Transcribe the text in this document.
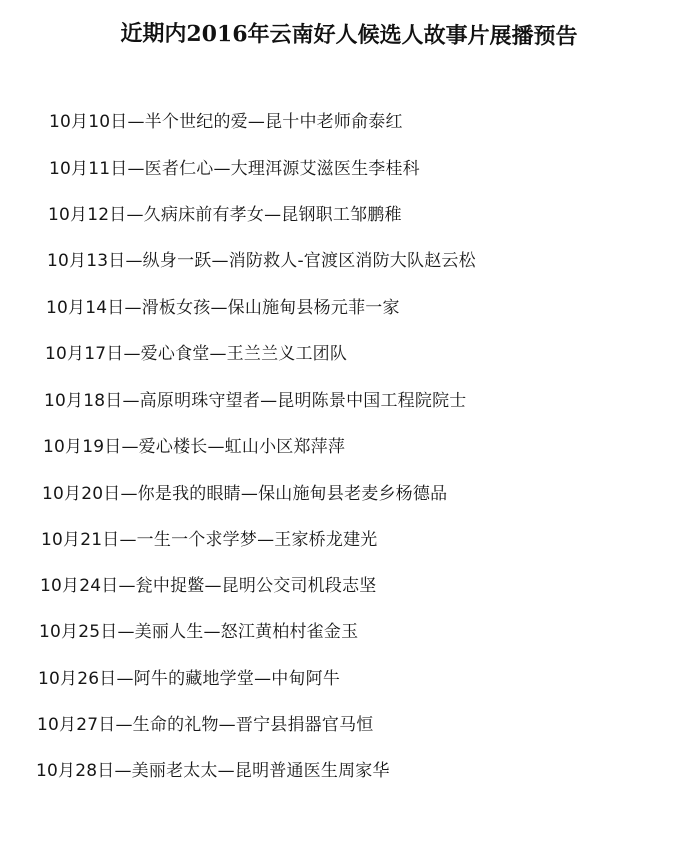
近期内2016年云南好人候选人故事片展播预告
10月10日—半个世纪的爱—昆十中老师俞泰红
10月11日—医者仁心—大理洱源艾滋医生李桂科
10月12日—久病床前有孝女—昆钢职工邹鹏稚
10月13日—纵身一跃—消防救人-官渡区消防大队赵云松
10月14日—滑板女孩—保山施甸县杨元菲一家
10月17日—爱心食堂—王兰兰义工团队
10月18日—高原明珠守望者—昆明陈景中国工程院院士
10月19日—爱心楼长—虹山小区郑萍萍
10月20日—你是我的眼睛—保山施甸县老麦乡杨德品
10月21日—一生一个求学梦—王家桥龙建光
10月24日—瓮中捉鳖—昆明公交司机段志坚
10月25日—美丽人生—怒江黄柏村雀金玉
10月26日—阿牛的藏地学堂—中甸阿牛
10月27日—生命的礼物—晋宁县捐器官马恒
10月28日—美丽老太太—昆明普通医生周家华
